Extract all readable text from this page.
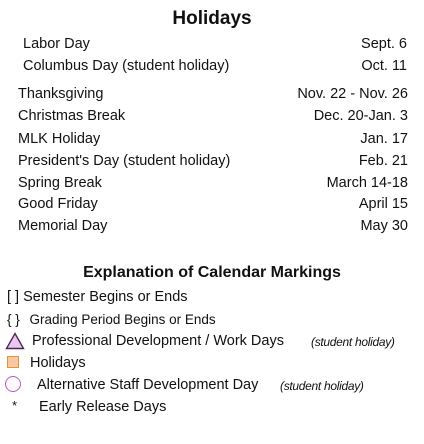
Holidays
Labor Day	Sept. 6
Columbus Day (student holiday)	Oct. 11
Thanksgiving	Nov. 22 - Nov. 26
Christmas Break	Dec. 20-Jan. 3
MLK Holiday	Jan. 17
President's Day (student holiday)	Feb. 21
Spring Break	March 14-18
Good Friday	April 15
Memorial Day	May 30
Explanation of Calendar Markings
[ ] Semester Begins or Ends
{ } Grading Period Begins or Ends
Professional Development / Work Days (student holiday)
Holidays
Alternative Staff Development Day (student holiday)
* Early Release Days
